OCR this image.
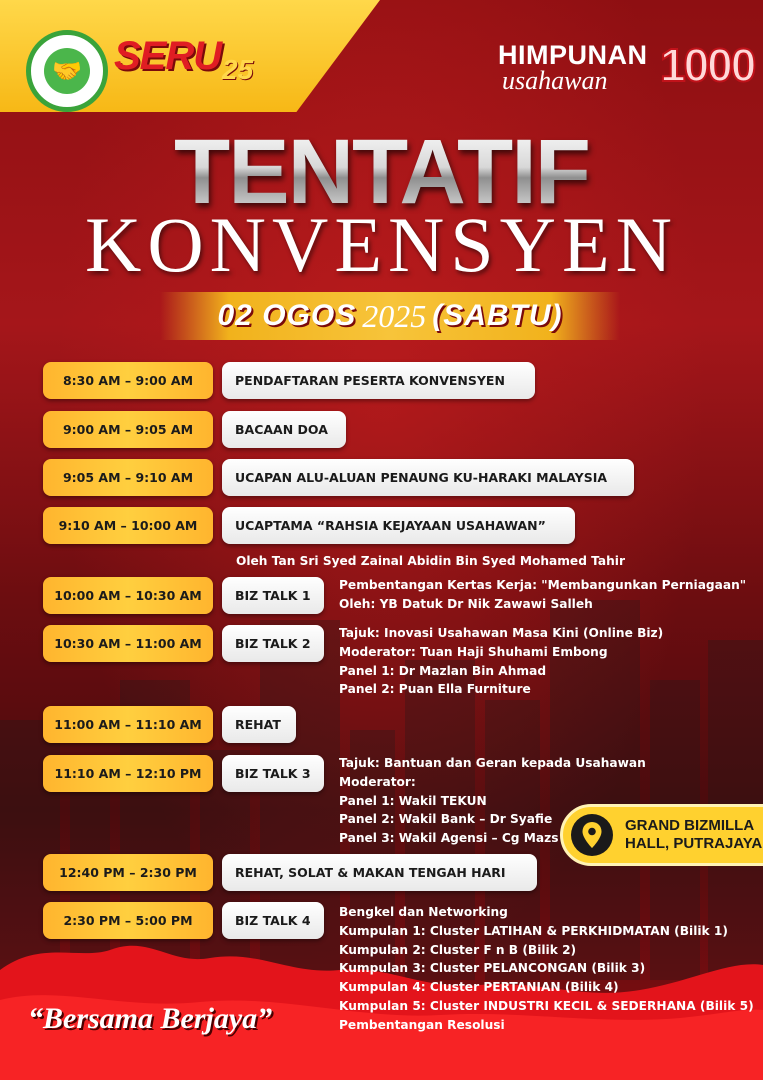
🤝 SERU 25	HIMPUNAN
usahawan 1000
TENTATIF
KONVENSYEN
02 OGOS 2025 (SABTU)
8:30 AM – 9:00 AM	PENDAFTARAN PESERTA KONVENSYEN
9:00 AM – 9:05 AM	BACAAN DOA
9:05 AM – 9:10 AM	UCAPAN ALU-ALUAN PENAUNG KU-HARAKI MALAYSIA
9:10 AM – 10:00 AM	UCAPTAMA “RAHSIA KEJAYAAN USAHAWAN”
Oleh Tan Sri Syed Zainal Abidin Bin Syed Mohamed Tahir
10:00 AM – 10:30 AM	BIZ TALK 1
Pembentangan Kertas Kerja: "Membangunkan Perniagaan"
Oleh: YB Datuk Dr Nik Zawawi Salleh
10:30 AM – 11:00 AM	BIZ TALK 2
Tajuk: Inovasi Usahawan Masa Kini (Online Biz)
Moderator: Tuan Haji Shuhami Embong
Panel 1: Dr Mazlan Bin Ahmad
Panel 2: Puan Ella Furniture
11:00 AM – 11:10 AM	REHAT
11:10 AM – 12:10 PM	BIZ TALK 3
Tajuk: Bantuan dan Geran kepada Usahawan
Moderator:
Panel 1: Wakil TEKUN
Panel 2: Wakil Bank – Dr Syafie
Panel 3: Wakil Agensi – Cg Mazs
12:40 PM – 2:30 PM	REHAT, SOLAT & MAKAN TENGAH HARI
2:30 PM – 5:00 PM	BIZ TALK 4
Bengkel dan Networking
Kumpulan 1: Cluster LATIHAN & PERKHIDMATAN (Bilik 1)
Kumpulan 2: Cluster F n B (Bilik 2)
Kumpulan 3: Cluster PELANCONGAN (Bilik 3)
Kumpulan 4: Cluster PERTANIAN (Bilik 4)
Kumpulan 5: Cluster INDUSTRI KECIL & SEDERHANA (Bilik 5)
Pembentangan Resolusi
GRAND BIZMILLA
HALL, PUTRAJAYA
“Bersama Berjaya”
